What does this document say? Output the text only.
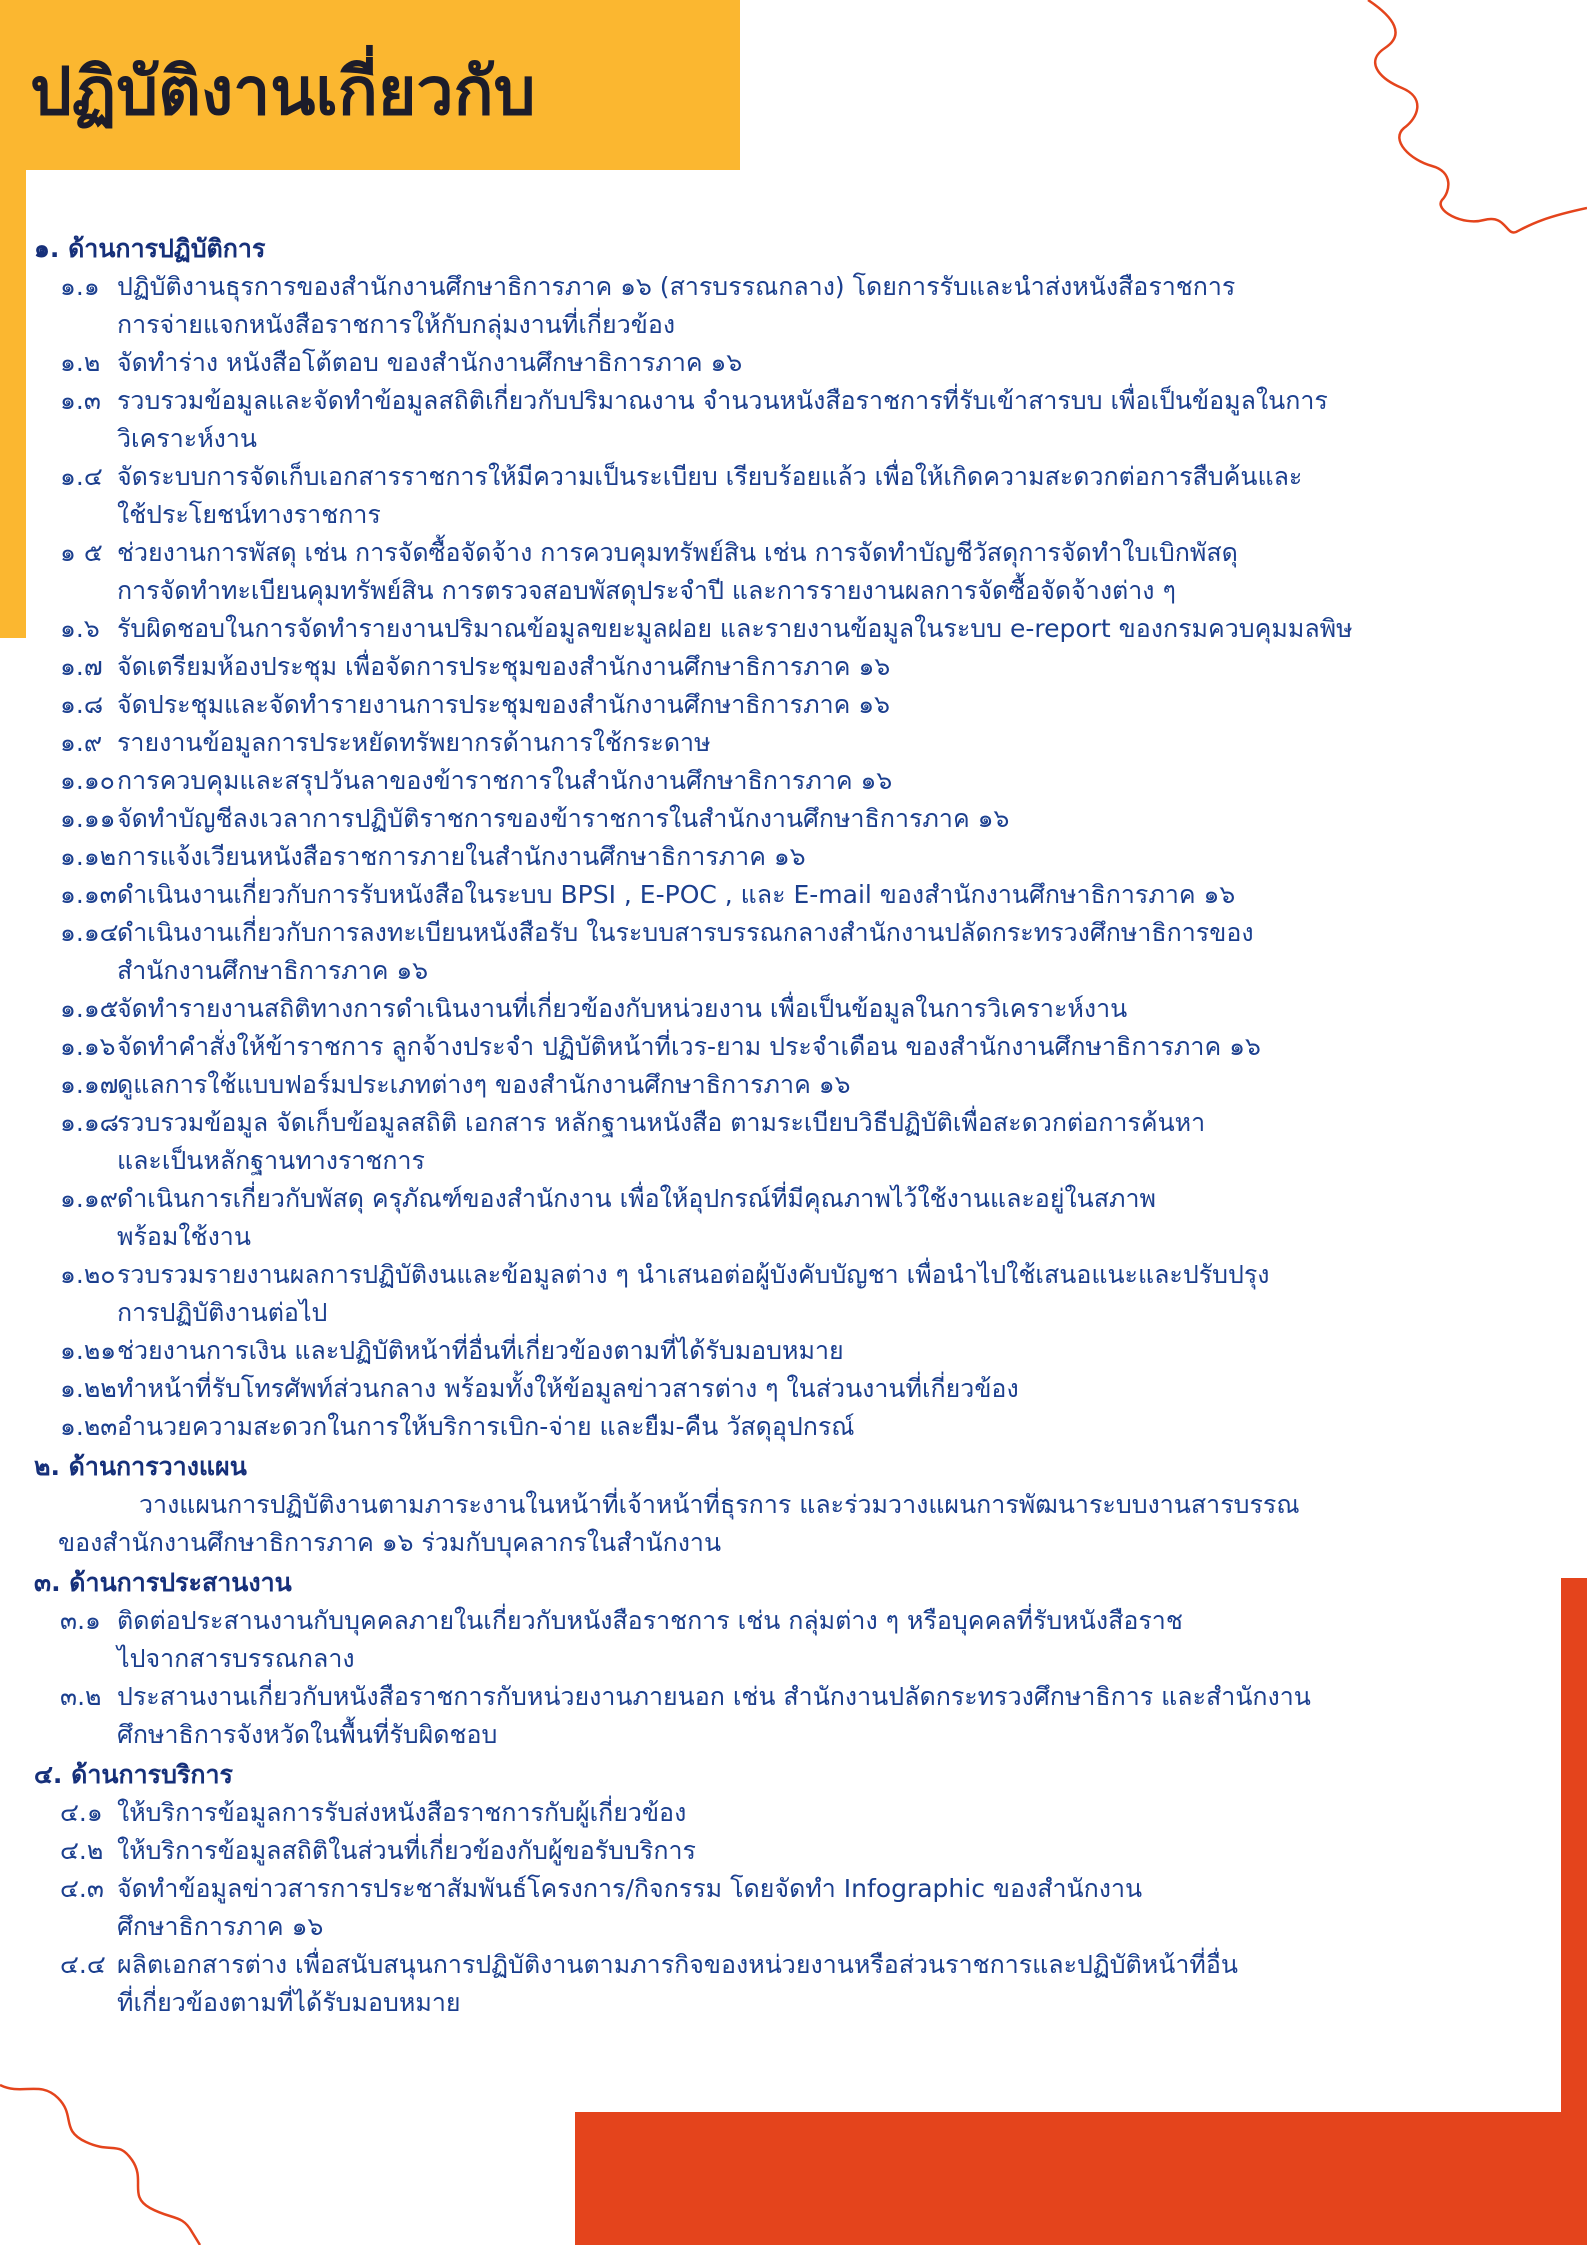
ปฏิบัติงานเกี่ยวกับ
๑. ด้านการปฏิบัติการ
๑.๑ ปฏิบัติงานธุรการของสำนักงานศึกษาธิการภาค ๑๖ (สารบรรณกลาง) โดยการรับและนำส่งหนังสือราชการ
การจ่ายแจกหนังสือราชการให้กับกลุ่มงานที่เกี่ยวข้อง
๑.๒ จัดทำร่าง หนังสือโต้ตอบ ของสำนักงานศึกษาธิการภาค ๑๖
๑.๓ รวบรวมข้อมูลและจัดทำข้อมูลสถิติเกี่ยวกับปริมาณงาน จำนวนหนังสือราชการที่รับเข้าสารบบ เพื่อเป็นข้อมูลในการ
วิเคราะห์งาน
๑.๔ จัดระบบการจัดเก็บเอกสารราชการให้มีความเป็นระเบียบ เรียบร้อยแล้ว เพื่อให้เกิดความสะดวกต่อการสืบค้นและ
ใช้ประโยชน์ทางราชการ
๑ ๕ ช่วยงานการพัสดุ เช่น การจัดซื้อจัดจ้าง การควบคุมทรัพย์สิน เช่น การจัดทำบัญชีวัสดุการจัดทำใบเบิกพัสดุ
การจัดทำทะเบียนคุมทรัพย์สิน การตรวจสอบพัสดุประจำปี และการรายงานผลการจัดซื้อจัดจ้างต่าง ๆ
๑.๖ รับผิดชอบในการจัดทำรายงานปริมาณข้อมูลขยะมูลฝอย และรายงานข้อมูลในระบบ e-report ของกรมควบคุมมลพิษ
๑.๗ จัดเตรียมห้องประชุม เพื่อจัดการประชุมของสำนักงานศึกษาธิการภาค ๑๖
๑.๘ จัดประชุมและจัดทำรายงานการประชุมของสำนักงานศึกษาธิการภาค ๑๖
๑.๙ รายงานข้อมูลการประหยัดทรัพยากรด้านการใช้กระดาษ
๑.๑๐ การควบคุมและสรุปวันลาของข้าราชการในสำนักงานศึกษาธิการภาค ๑๖
๑.๑๑ จัดทำบัญชีลงเวลาการปฏิบัติราชการของข้าราชการในสำนักงานศึกษาธิการภาค ๑๖
๑.๑๒ การแจ้งเวียนหนังสือราชการภายในสำนักงานศึกษาธิการภาค ๑๖
๑.๑๓ ดำเนินงานเกี่ยวกับการรับหนังสือในระบบ BPSI , E-POC , และ E-mail ของสำนักงานศึกษาธิการภาค ๑๖
๑.๑๔
ดำเนินงานเกี่ยวกับการลงทะเบียนหนังสือรับ ในระบบสารบรรณกลางสำนักงานปลัดกระทรวงศึกษาธิการของ
สำนักงานศึกษาธิการภาค ๑๖
๑.๑๕
จัดทำรายงานสถิติทางการดำเนินงานที่เกี่ยวข้องกับหน่วยงาน เพื่อเป็นข้อมูลในการวิเคราะห์งาน
๑.๑๖ จัดทำคำสั่งให้ข้าราชการ ลูกจ้างประจำ ปฏิบัติหน้าที่เวร-ยาม ประจำเดือน ของสำนักงานศึกษาธิการภาค ๑๖
๑.๑๗
ดูแลการใช้แบบฟอร์มประเภทต่างๆ ของสำนักงานศึกษาธิการภาค ๑๖
๑.๑๘
รวบรวมข้อมูล จัดเก็บข้อมูลสถิติ เอกสาร หลักฐานหนังสือ ตามระเบียบวิธีปฏิบัติเพื่อสะดวกต่อการค้นหา
และเป็นหลักฐานทางราชการ
๑.๑๙ ดำเนินการเกี่ยวกับพัสดุ ครุภัณฑ์ของสำนักงาน เพื่อให้อุปกรณ์ที่มีคุณภาพไว้ใช้งานและอยู่ในสภาพ
พร้อมใช้งาน
๑.๒๐ รวบรวมรายงานผลการปฏิบัติงนและข้อมูลต่าง ๆ นำเสนอต่อผู้บังคับบัญชา เพื่อนำไปใช้เสนอแนะและปรับปรุง
การปฏิบัติงานต่อไป
๑.๒๑ ช่วยงานการเงิน และปฏิบัติหน้าที่อื่นที่เกี่ยวข้องตามที่ได้รับมอบหมาย
๑.๒๒ ทำหน้าที่รับโทรศัพท์ส่วนกลาง พร้อมทั้งให้ข้อมูลข่าวสารต่าง ๆ ในส่วนงานที่เกี่ยวข้อง
๑.๒๓ อำนวยความสะดวกในการให้บริการเบิก-จ่าย และยืม-คืน วัสดุอุปกรณ์
๒. ด้านการวางแผน
วางแผนการปฏิบัติงานตามภาระงานในหน้าที่เจ้าหน้าที่ธุรการ และร่วมวางแผนการพัฒนาระบบงานสารบรรณ
ของสำนักงานศึกษาธิการภาค ๑๖ ร่วมกับบุคลากรในสำนักงาน
๓. ด้านการประสานงาน
๓.๑ ติดต่อประสานงานกับบุคคลภายในเกี่ยวกับหนังสือราชการ เช่น กลุ่มต่าง ๆ หรือบุคคลที่รับหนังสือราช
ไปจากสารบรรณกลาง
๓.๒ ประสานงานเกี่ยวกับหนังสือราชการกับหน่วยงานภายนอก เช่น สำนักงานปลัดกระทรวงศึกษาธิการ และสำนักงาน
ศึกษาธิการจังหวัดในพื้นที่รับผิดชอบ
๔. ด้านการบริการ
๔.๑ ให้บริการข้อมูลการรับส่งหนังสือราชการกับผู้เกี่ยวข้อง
๔.๒ ให้บริการข้อมูลสถิติในส่วนที่เกี่ยวข้องกับผู้ขอรับบริการ
๔.๓ จัดทำข้อมูลข่าวสารการประชาสัมพันธ์โครงการ/กิจกรรม โดยจัดทำ Infographic ของสำนักงาน
ศึกษาธิการภาค ๑๖
๔.๔ ผลิตเอกสารต่าง เพื่อสนับสนุนการปฏิบัติงานตามภารกิจของหน่วยงานหรือส่วนราชการและปฏิบัติหน้าที่อื่น
ที่เกี่ยวข้องตามที่ได้รับมอบหมาย
